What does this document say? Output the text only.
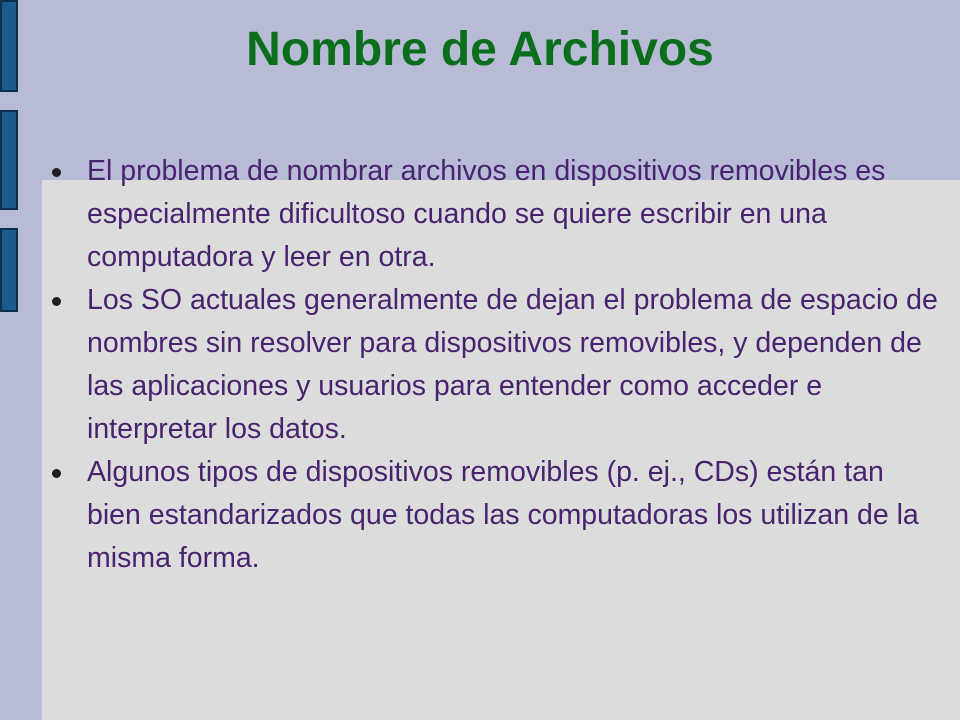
Nombre de Archivos
El problema de nombrar archivos en dispositivos removibles es especialmente dificultoso cuando se quiere escribir en una computadora y leer en otra.
Los SO actuales generalmente de dejan el problema de espacio de nombres sin resolver para dispositivos removibles, y dependen de las aplicaciones y usuarios para entender como acceder e interpretar los datos.
Algunos tipos de dispositivos removibles (p. ej., CDs) están tan bien estandarizados que todas las computadoras los utilizan de la misma forma.
